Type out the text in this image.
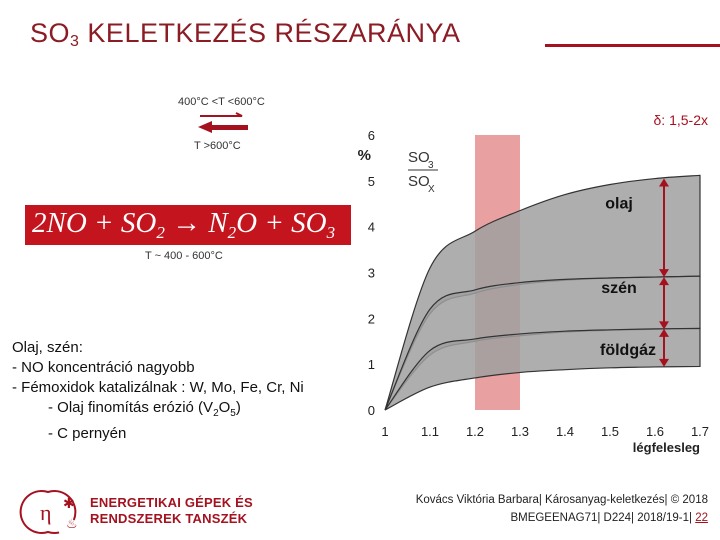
$SO_3$ KELETKEZÉS RÉSZARÁNYA
400°C <T <600°C
T >600°C
$2NO + SO_2 \to N_2O + SO_3$
T ~ 400 - 600°C
Olaj, szén:
- NO koncentráció nagyobb
- Fémoxidok katalizálnak : W, Mo, Fe, Cr, Ni
- Olaj finomítás erózió $(V_2O_5)$
- C pernyén
0
1
2
3
4
5
6
1 1.1 1.2 1.3 1.4 1.5 1.6 1.7
%
légfelesleg
SO
3
SO
X
δ: 1,5-2x
olaj
szén
földgáz
η ✱
♨
ENERGETIKAI GÉPEK ÉS
RENDSZEREK TANSZÉK
Kovács Viktória Barbara| Károsanyag-keletkezés| © 2018
BMEGEENAG71| D224| 2018/19-1| 22
